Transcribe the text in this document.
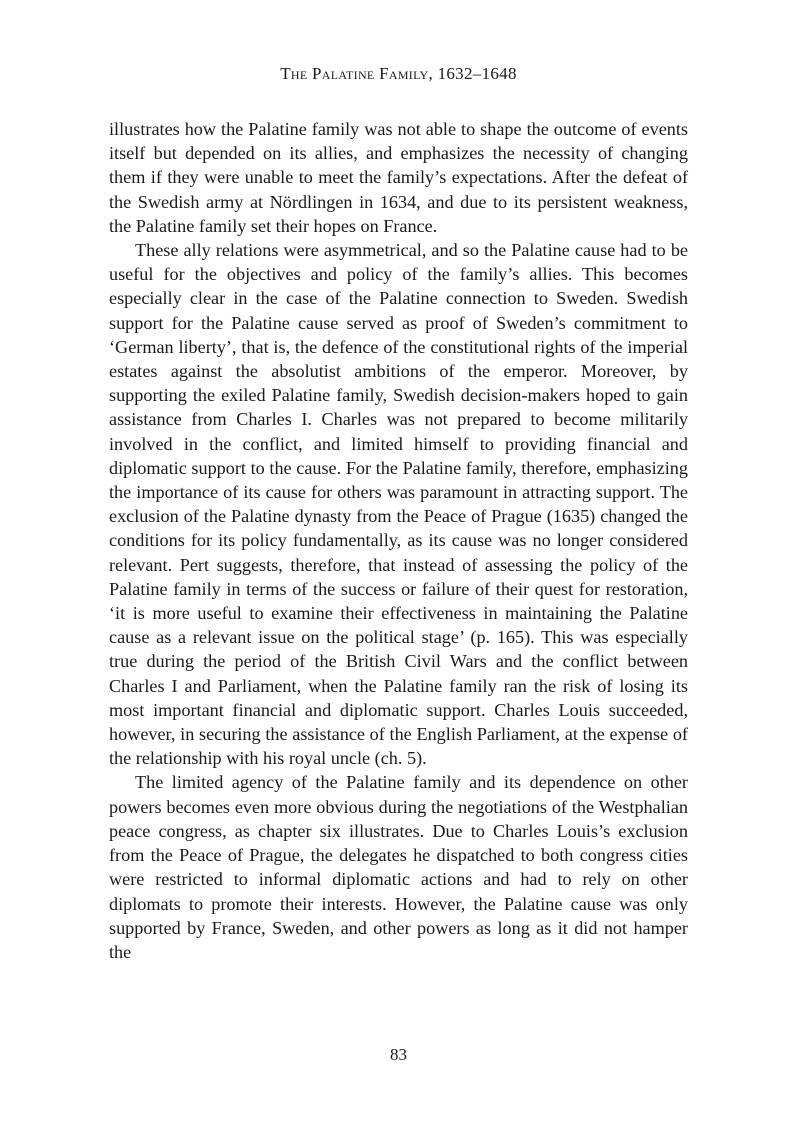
The Palatine Family, 1632–1648

illustrates how the Palatine family was not able to shape the outcome of events itself but depended on its allies, and emphasizes the necessity of changing them if they were unable to meet the family’s expectations. After the defeat of the Swedish army at Nördlingen in 1634, and due to its persistent weakness, the Palatine family set their hopes on France.

These ally relations were asymmetrical, and so the Palatine cause had to be useful for the objectives and policy of the family’s allies. This becomes especially clear in the case of the Palatine connection to Sweden. Swedish support for the Palatine cause served as proof of Sweden’s commitment to ‘German liberty’, that is, the defence of the constitutional rights of the imperial estates against the absolutist ambitions of the emperor. Moreover, by supporting the exiled Palatine family, Swedish decision-makers hoped to gain assistance from Charles I. Charles was not prepared to become militarily involved in the conflict, and limited himself to providing financial and diplomatic support to the cause. For the Palatine family, therefore, emphasizing the importance of its cause for others was paramount in attracting support. The exclusion of the Palatine dynasty from the Peace of Prague (1635) changed the conditions for its policy fundamentally, as its cause was no longer considered relevant. Pert suggests, therefore, that instead of assessing the policy of the Palatine family in terms of the success or failure of their quest for restoration, ‘it is more useful to examine their effectiveness in maintaining the Palatine cause as a relevant issue on the political stage’ (p. 165). This was especially true during the period of the British Civil Wars and the conflict between Charles I and Parliament, when the Palatine family ran the risk of losing its most important financial and diplomatic support. Charles Louis succeeded, however, in securing the assistance of the English Parliament, at the expense of the relationship with his royal uncle (ch. 5).

The limited agency of the Palatine family and its dependence on other powers becomes even more obvious during the negotiations of the Westphalian peace congress, as chapter six illustrates. Due to Charles Louis’s exclusion from the Peace of Prague, the delegates he dispatched to both congress cities were restricted to informal diplomatic actions and had to rely on other diplomats to promote their interests. However, the Palatine cause was only supported by France, Sweden, and other powers as long as it did not hamper the

83
